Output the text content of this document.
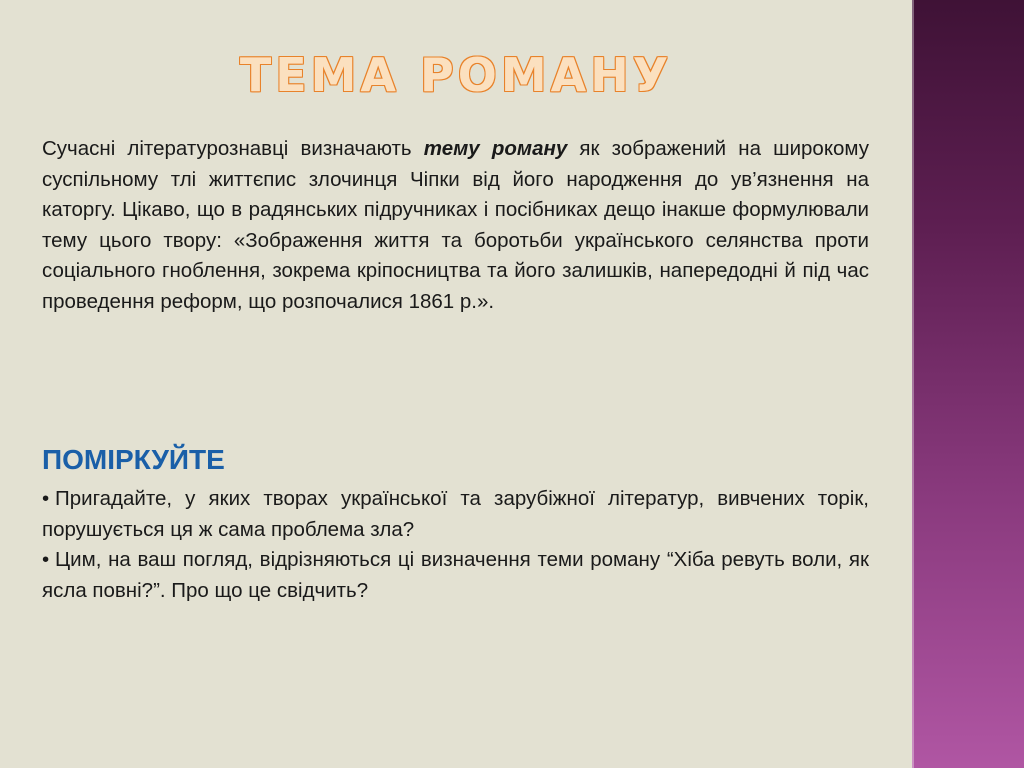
ТЕМА РОМАНУ

Сучасні літературознавці визначають тему роману як зображений на широкому суспільному тлі життєпис злочинця Чіпки від його народження до ув’язнення на каторгу. Цікаво, що в радянських підручниках і посібниках дещо інакше формулювали тему цього твору: «Зображення життя та боротьби українського селянства проти соціального гноблення, зокрема кріпосництва та його залишків, напередодні й під час проведення реформ, що розпочалися 1861 р.».

ПОМІРКУЙТЕ
• Пригадайте, у яких творах української та зарубіжної літератур, вивчених торік, порушується ця ж сама проблема зла?
• Цим, на ваш погляд, відрізняються ці визначення теми роману “Хіба ревуть воли, як ясла повні?”. Про що це свідчить?
